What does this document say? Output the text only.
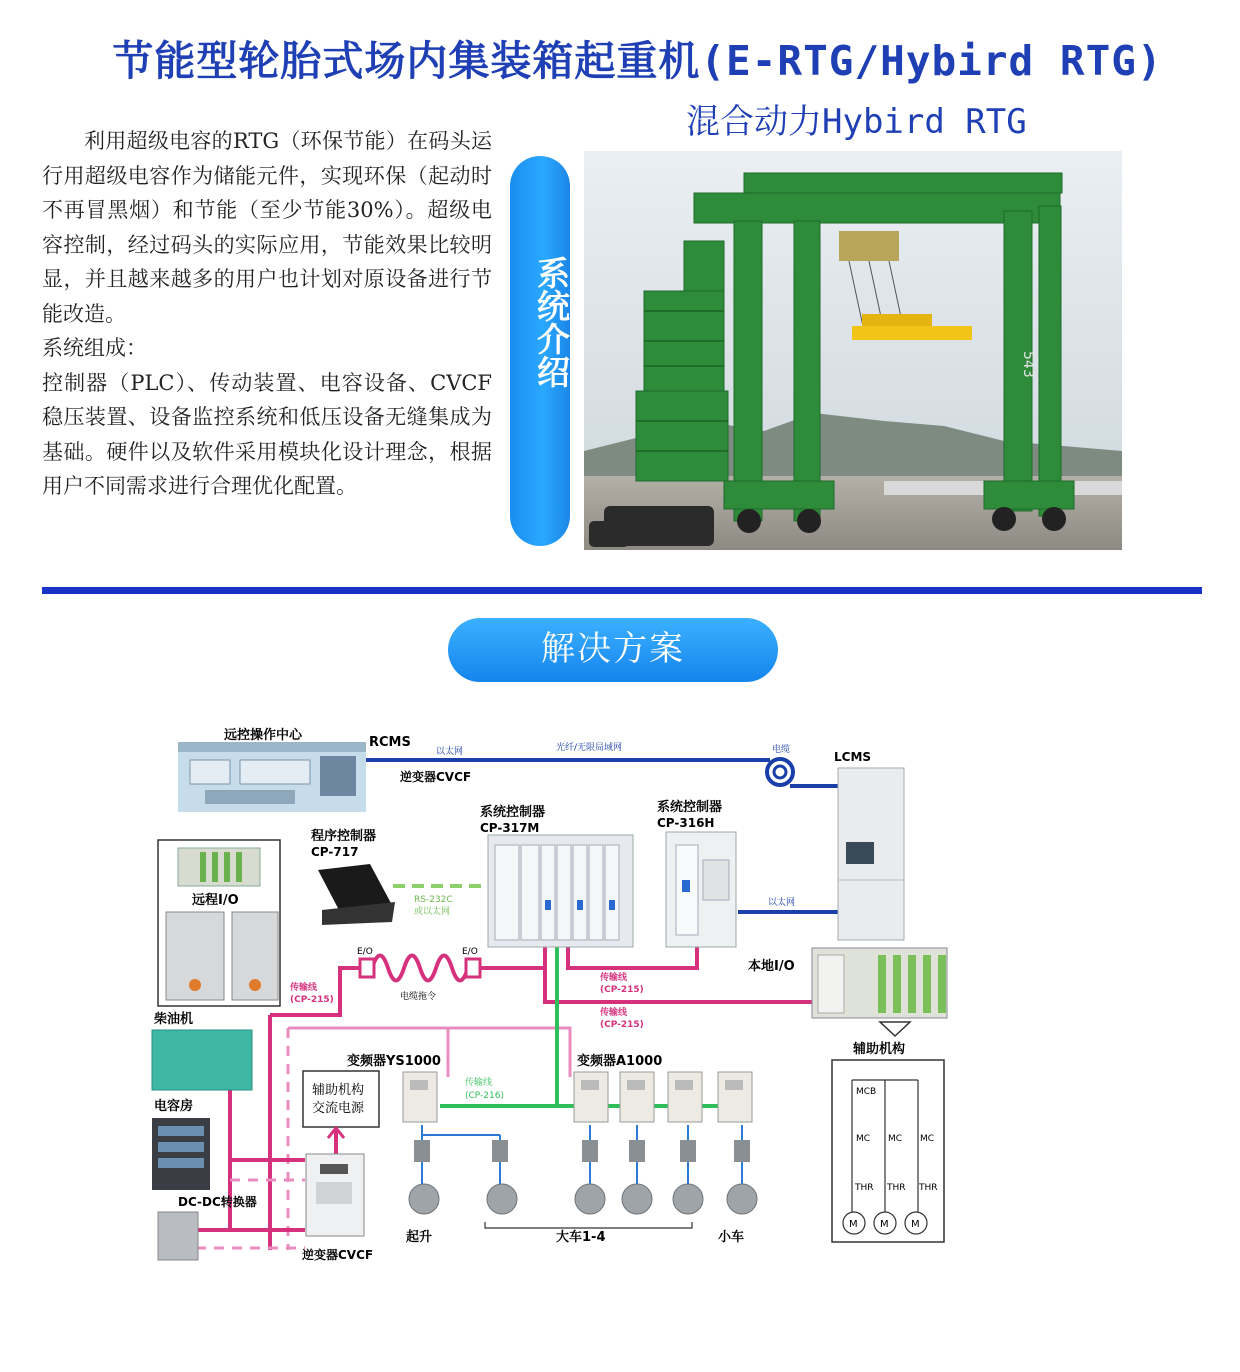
节能型轮胎式场内集装箱起重机(E-RTG/Hybird RTG)
混合动力Hybird RTG

利用超级电容的RTG（环保节能）在码头运行用超级电容作为储能元件，实现环保（起动时不再冒黑烟）和节能（至少节能30%）。超级电容控制，经过码头的实际应用，节能效果比较明显，并且越来越多的用户也计划对原设备进行节能改造。

系统组成：

控制器（PLC）、传动装置、电容设备、CVCF 稳压装置、设备监控系统和低压设备无缝集成为基础。硬件以及软件采用模块化设计理念，根据用户不同需求进行合理优化配置。

系统介绍	543
解决方案
远控操作中心	RCMS
以太网	光纤/无限局域网	电缆	LCMS
逆变器CVCF
系统控制器
CP-317M
系统控制器
CP-316H
程序控制器
CP-717
RS-232C
或以太网
以太网
远程I/O
E/O	E/O
电缆拖令
传输线
(CP-215)
传输线
(CP-215)
传输线
(CP-215)
传输线
(CP-216)
本地I/O
柴油机
电容房
DC-DC转换器
变频器YS1000	变频器A1000
辅助机构
交流电源
逆变器CVCF
起升	大车1-4	小车
辅助机构
MCB
MC MC MC
THR THR THR
M M M
